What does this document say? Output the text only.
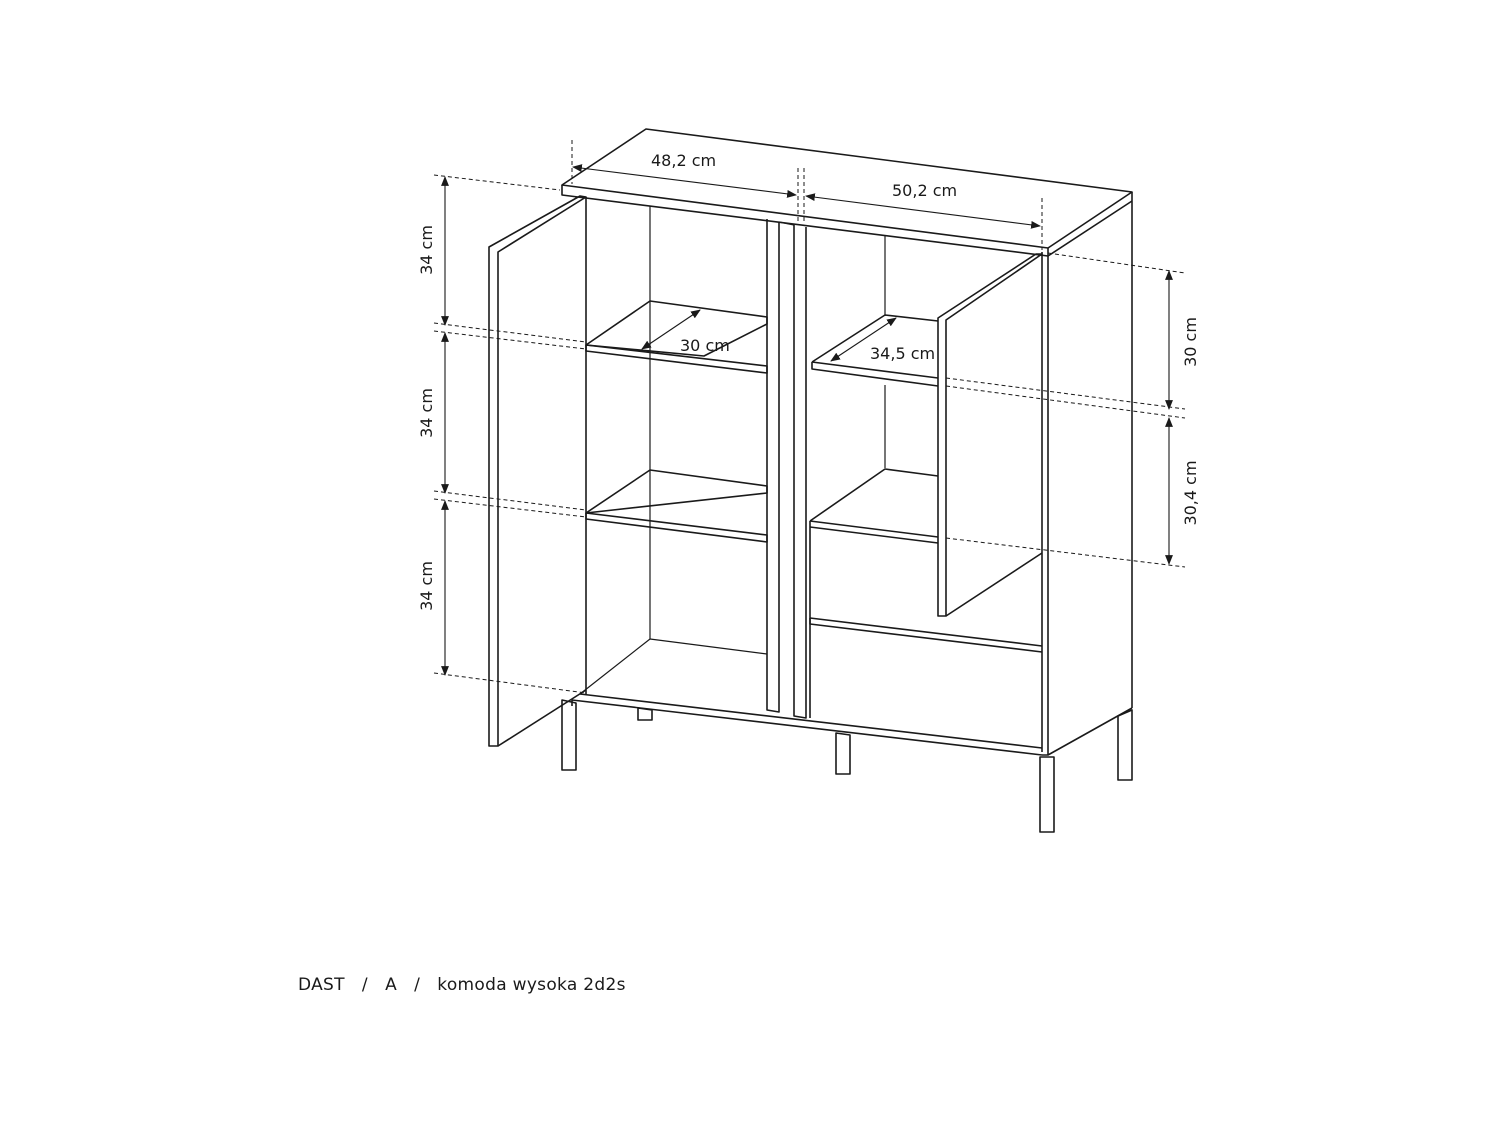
48,2 cm
50,2 cm
34 cm
34 cm
34 cm
30 cm	34,5 cm	30 cm
30,4 cm
DAST / A / komoda wysoka 2d2s
